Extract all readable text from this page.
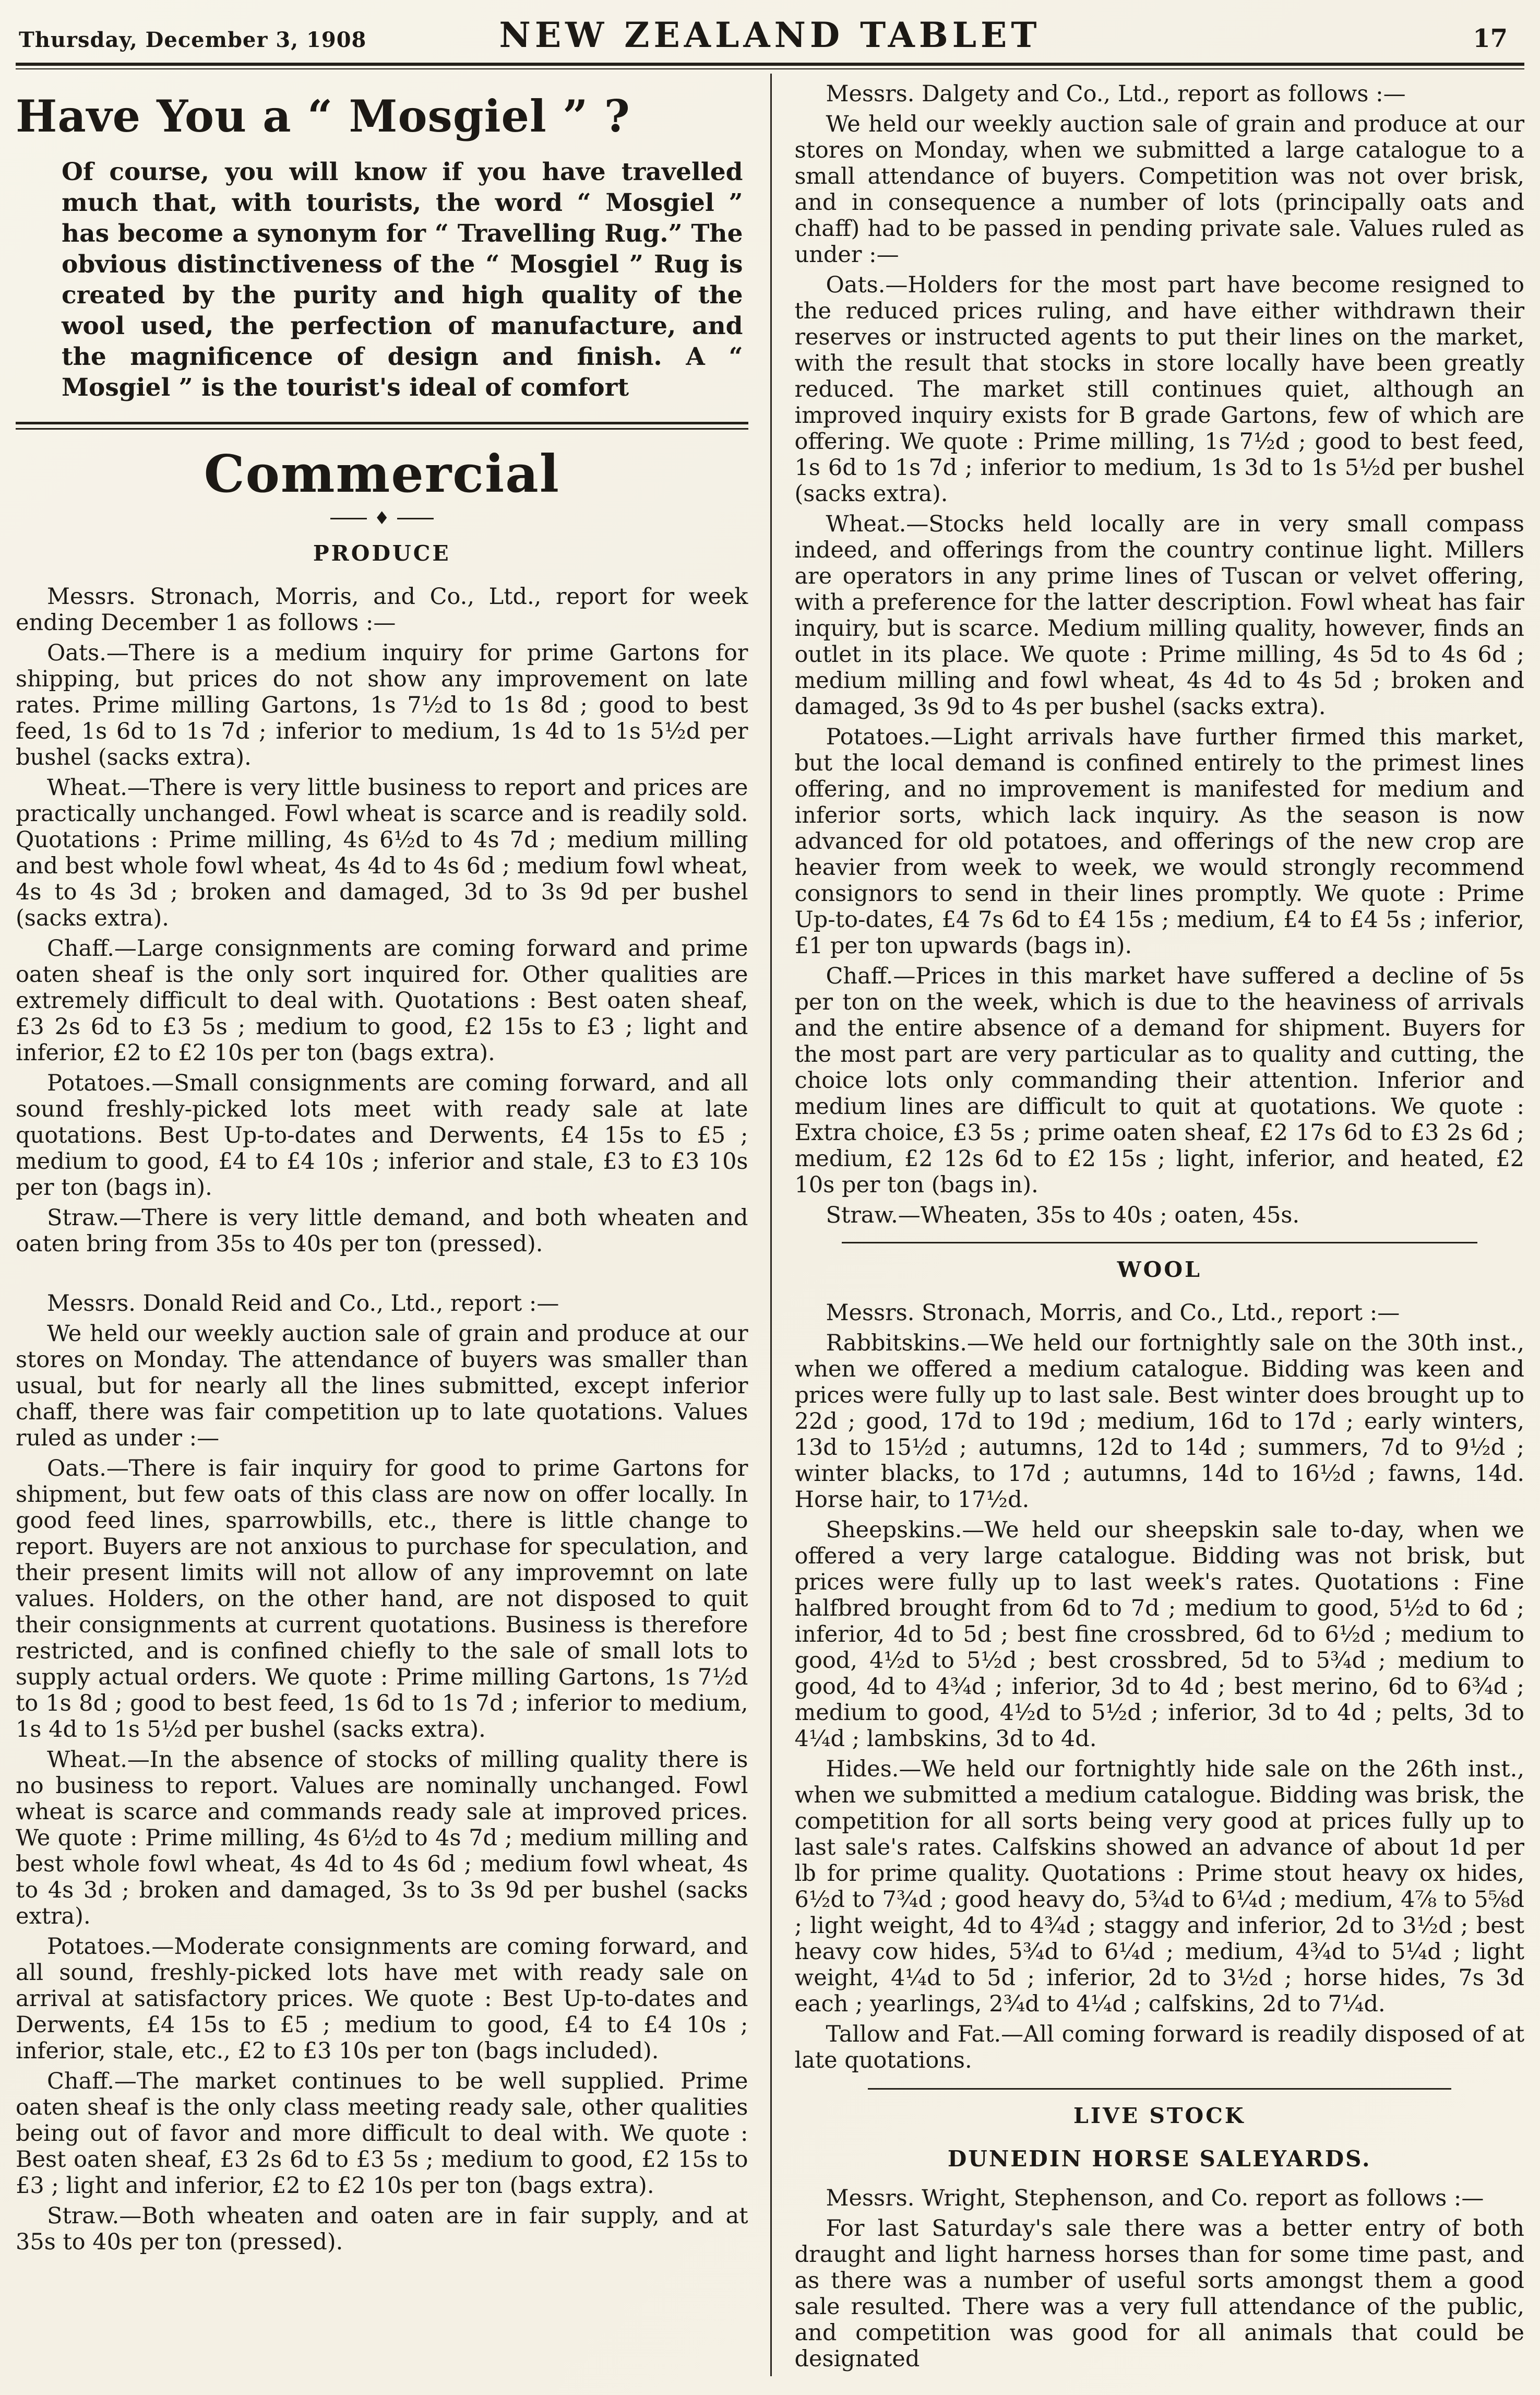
Thursday, December 3, 1908	NEW ZEALAND TABLET	17
Have You a “ Mosgiel ” ?

Of course, you will know if you have travelled much that, with tourists, the word “ Mosgiel ” has become a synonym for “ Travelling Rug.” The obvious distinctiveness of the “ Mosgiel ” Rug is created by the purity and high quality of the wool used, the perfection of manufacture, and the magnificence of design and finish. A “ Mosgiel ” is the tourist's ideal of comfort

Commercial
♦
PRODUCE

Messrs. Stronach, Morris, and Co., Ltd., report for week ending December 1 as follows :—

Oats.—There is a medium inquiry for prime Gartons for shipping, but prices do not show any improvement on late rates. Prime milling Gartons, 1s 7½d to 1s 8d ; good to best feed, 1s 6d to 1s 7d ; inferior to medium, 1s 4d to 1s 5½d per bushel (sacks extra).

Wheat.—There is very little business to report and prices are practically unchanged. Fowl wheat is scarce and is readily sold. Quotations : Prime milling, 4s 6½d to 4s 7d ; medium milling and best whole fowl wheat, 4s 4d to 4s 6d ; medium fowl wheat, 4s to 4s 3d ; broken and damaged, 3d to 3s 9d per bushel (sacks extra).

Chaff.—Large consignments are coming forward and prime oaten sheaf is the only sort inquired for. Other qualities are extremely difficult to deal with. Quotations : Best oaten sheaf, £3 2s 6d to £3 5s ; medium to good, £2 15s to £3 ; light and inferior, £2 to £2 10s per ton (bags extra).

Potatoes.—Small consignments are coming forward, and all sound freshly-picked lots meet with ready sale at late quotations. Best Up-to-dates and Derwents, £4 15s to £5 ; medium to good, £4 to £4 10s ; inferior and stale, £3 to £3 10s per ton (bags in).

Straw.—There is very little demand, and both wheaten and oaten bring from 35s to 40s per ton (pressed).

Messrs. Donald Reid and Co., Ltd., report :—

We held our weekly auction sale of grain and produce at our stores on Monday. The attendance of buyers was smaller than usual, but for nearly all the lines submitted, except inferior chaff, there was fair competition up to late quotations. Values ruled as under :—

Oats.—There is fair inquiry for good to prime Gartons for shipment, but few oats of this class are now on offer locally. In good feed lines, sparrowbills, etc., there is little change to report. Buyers are not anxious to purchase for speculation, and their present limits will not allow of any improvemnt on late values. Holders, on the other hand, are not disposed to quit their consignments at current quotations. Business is therefore restricted, and is confined chiefly to the sale of small lots to supply actual orders. We quote : Prime milling Gartons, 1s 7½d to 1s 8d ; good to best feed, 1s 6d to 1s 7d ; inferior to medium, 1s 4d to 1s 5½d per bushel (sacks extra).

Wheat.—In the absence of stocks of milling quality there is no business to report. Values are nominally unchanged. Fowl wheat is scarce and commands ready sale at improved prices. We quote : Prime milling, 4s 6½d to 4s 7d ; medium milling and best whole fowl wheat, 4s 4d to 4s 6d ; medium fowl wheat, 4s to 4s 3d ; broken and damaged, 3s to 3s 9d per bushel (sacks extra).

Potatoes.—Moderate consignments are coming forward, and all sound, freshly-picked lots have met with ready sale on arrival at satisfactory prices. We quote : Best Up-to-dates and Derwents, £4 15s to £5 ; medium to good, £4 to £4 10s ; inferior, stale, etc., £2 to £3 10s per ton (bags included).

Chaff.—The market continues to be well supplied. Prime oaten sheaf is the only class meeting ready sale, other qualities being out of favor and more difficult to deal with. We quote : Best oaten sheaf, £3 2s 6d to £3 5s ; medium to good, £2 15s to £3 ; light and inferior, £2 to £2 10s per ton (bags extra).

Straw.—Both wheaten and oaten are in fair supply, and at 35s to 40s per ton (pressed).

Messrs. Dalgety and Co., Ltd., report as follows :—

We held our weekly auction sale of grain and produce at our stores on Monday, when we submitted a large catalogue to a small attendance of buyers. Competition was not over brisk, and in consequence a number of lots (principally oats and chaff) had to be passed in pending private sale. Values ruled as under :—

Oats.—Holders for the most part have become resigned to the reduced prices ruling, and have either withdrawn their reserves or instructed agents to put their lines on the market, with the result that stocks in store locally have been greatly reduced. The market still continues quiet, although an improved inquiry exists for B grade Gartons, few of which are offering. We quote : Prime milling, 1s 7½d ; good to best feed, 1s 6d to 1s 7d ; inferior to medium, 1s 3d to 1s 5½d per bushel (sacks extra).

Wheat.—Stocks held locally are in very small compass indeed, and offerings from the country continue light. Millers are operators in any prime lines of Tuscan or velvet offering, with a preference for the latter description. Fowl wheat has fair inquiry, but is scarce. Medium milling quality, however, finds an outlet in its place. We quote : Prime milling, 4s 5d to 4s 6d ; medium milling and fowl wheat, 4s 4d to 4s 5d ; broken and damaged, 3s 9d to 4s per bushel (sacks extra).

Potatoes.—Light arrivals have further firmed this market, but the local demand is confined entirely to the primest lines offering, and no improvement is manifested for medium and inferior sorts, which lack inquiry. As the season is now advanced for old potatoes, and offerings of the new crop are heavier from week to week, we would strongly recommend consignors to send in their lines promptly. We quote : Prime Up-to-dates, £4 7s 6d to £4 15s ; medium, £4 to £4 5s ; inferior, £1 per ton upwards (bags in).

Chaff.—Prices in this market have suffered a decline of 5s per ton on the week, which is due to the heaviness of arrivals and the entire absence of a demand for shipment. Buyers for the most part are very particular as to quality and cutting, the choice lots only commanding their attention. Inferior and medium lines are difficult to quit at quotations. We quote : Extra choice, £3 5s ; prime oaten sheaf, £2 17s 6d to £3 2s 6d ; medium, £2 12s 6d to £2 15s ; light, inferior, and heated, £2 10s per ton (bags in).

Straw.—Wheaten, 35s to 40s ; oaten, 45s.

WOOL

Messrs. Stronach, Morris, and Co., Ltd., report :—

Rabbitskins.—We held our fortnightly sale on the 30th inst., when we offered a medium catalogue. Bidding was keen and prices were fully up to last sale. Best winter does brought up to 22d ; good, 17d to 19d ; medium, 16d to 17d ; early winters, 13d to 15½d ; autumns, 12d to 14d ; summers, 7d to 9½d ; winter blacks, to 17d ; autumns, 14d to 16½d ; fawns, 14d. Horse hair, to 17½d.

Sheepskins.—We held our sheepskin sale to-day, when we offered a very large catalogue. Bidding was not brisk, but prices were fully up to last week's rates. Quotations : Fine halfbred brought from 6d to 7d ; medium to good, 5½d to 6d ; inferior, 4d to 5d ; best fine crossbred, 6d to 6½d ; medium to good, 4½d to 5½d ; best crossbred, 5d to 5¾d ; medium to good, 4d to 4¾d ; inferior, 3d to 4d ; best merino, 6d to 6¾d ; medium to good, 4½d to 5½d ; inferior, 3d to 4d ; pelts, 3d to 4¼d ; lambskins, 3d to 4d.

Hides.—We held our fortnightly hide sale on the 26th inst., when we submitted a medium catalogue. Bidding was brisk, the competition for all sorts being very good at prices fully up to last sale's rates. Calfskins showed an advance of about 1d per lb for prime quality. Quotations : Prime stout heavy ox hides, 6½d to 7¾d ; good heavy do, 5¾d to 6¼d ; medium, 4⅞ to 5⅝d ; light weight, 4d to 4¾d ; staggy and inferior, 2d to 3½d ; best heavy cow hides, 5¾d to 6¼d ; medium, 4¾d to 5¼d ; light weight, 4¼d to 5d ; inferior, 2d to 3½d ; horse hides, 7s 3d each ; yearlings, 2¾d to 4¼d ; calfskins, 2d to 7¼d.

Tallow and Fat.—All coming forward is readily disposed of at late quotations.

LIVE STOCK
DUNEDIN HORSE SALEYARDS.

Messrs. Wright, Stephenson, and Co. report as follows :—

For last Saturday's sale there was a better entry of both draught and light harness horses than for some time past, and as there was a number of useful sorts amongst them a good sale resulted. There was a very full attendance of the public, and competition was good for all animals that could be designated
